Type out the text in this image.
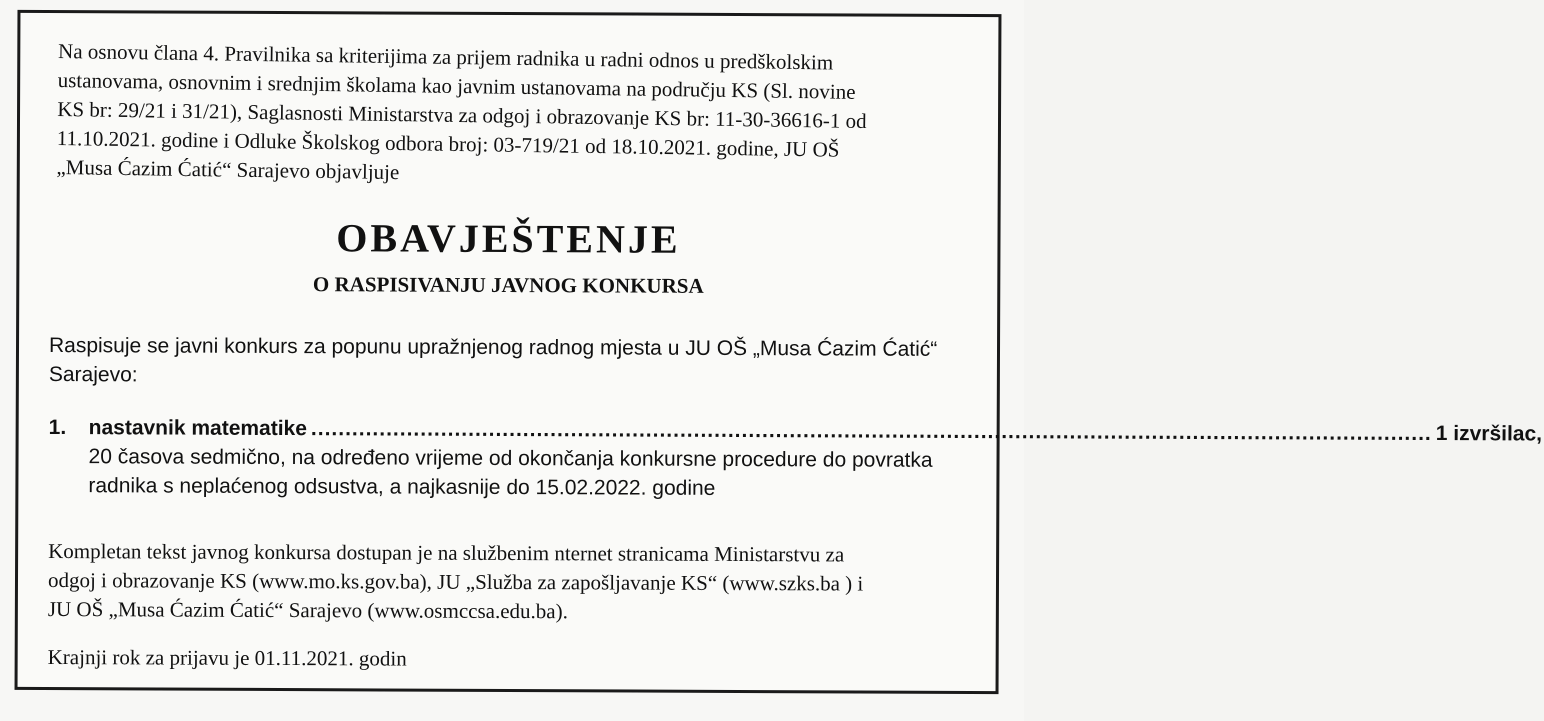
Na osnovu člana 4. Pravilnika sa kriterijima za prijem radnika u radni odnos u predškolskim
ustanovama, osnovnim i srednjim školama kao javnim ustanovama na području KS (Sl. novine
KS br: 29/21 i 31/21), Saglasnosti Ministarstva za odgoj i obrazovanje KS br: 11-30-36616-1 od
11.10.2021. godine i Odluke Školskog odbora broj: 03-719/21 od 18.10.2021. godine, JU OŠ
„Musa Ćazim Ćatić“ Sarajevo objavljuje
OBAVJEŠTENJE
O RASPISIVANJU JAVNOG KONKURSA
Raspisuje se javni konkurs za popunu upražnjenog radnog mjesta u JU OŠ „Musa Ćazim Ćatić“
Sarajevo:
1.	nastavnik matematike .................................................................................................................................................................... 1 izvršilac,
20 časova sedmično, na određeno vrijeme od okončanja konkursne procedure do povratka
radnika s neplaćenog odsustva, a najkasnije do 15.02.2022. godine
Kompletan tekst javnog konkursa dostupan je na službenim nternet stranicama Ministarstvu za
odgoj i obrazovanje KS (www.mo.ks.gov.ba), JU „Služba za zapošljavanje KS“ (www.szks.ba ) i
JU OŠ „Musa Ćazim Ćatić“ Sarajevo (www.osmccsa.edu.ba).
Krajnji rok za prijavu je 01.11.2021. godin
